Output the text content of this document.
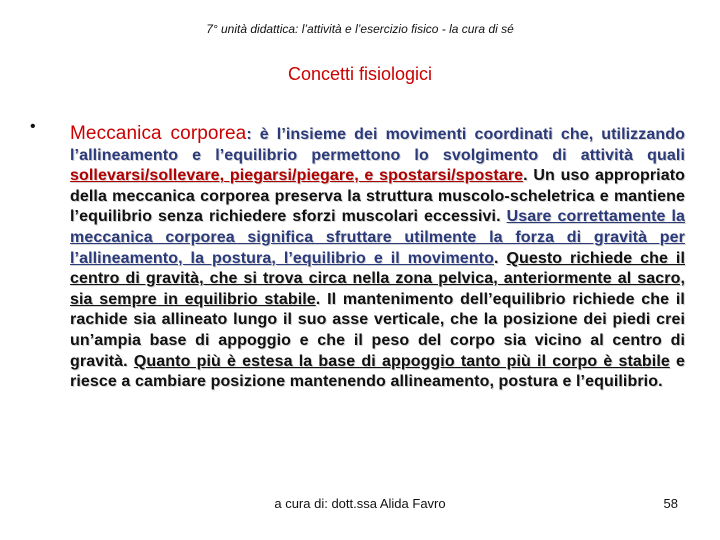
7° unità didattica: l’attività e l’esercizio fisico - la cura di sé
Concetti fisiologici
• Meccanica corporea: è l’insieme dei movimenti coordinati che, utilizzando l’allineamento e l’equilibrio permettono lo svolgimento di attività quali sollevarsi/sollevare, piegarsi/piegare, e spostarsi/spostare. Un uso appropriato della meccanica corporea preserva la struttura muscolo-scheletrica e mantiene l’equilibrio senza richiedere sforzi muscolari eccessivi. Usare correttamente la meccanica corporea significa sfruttare utilmente la forza di gravità per l’allineamento, la postura, l’equilibrio e il movimento. Questo richiede che il centro di gravità, che si trova circa nella zona pelvica, anteriormente al sacro, sia sempre in equilibrio stabile. Il mantenimento dell’equilibrio richiede che il rachide sia allineato lungo il suo asse verticale, che la posizione dei piedi crei un’ampia base di appoggio e che il peso del corpo sia vicino al centro di gravità. Quanto più è estesa la base di appoggio tanto più il corpo è stabile e riesce a cambiare posizione mantenendo allineamento, postura e l’equilibrio.
a cura di: dott.ssa Alida Favro	58
